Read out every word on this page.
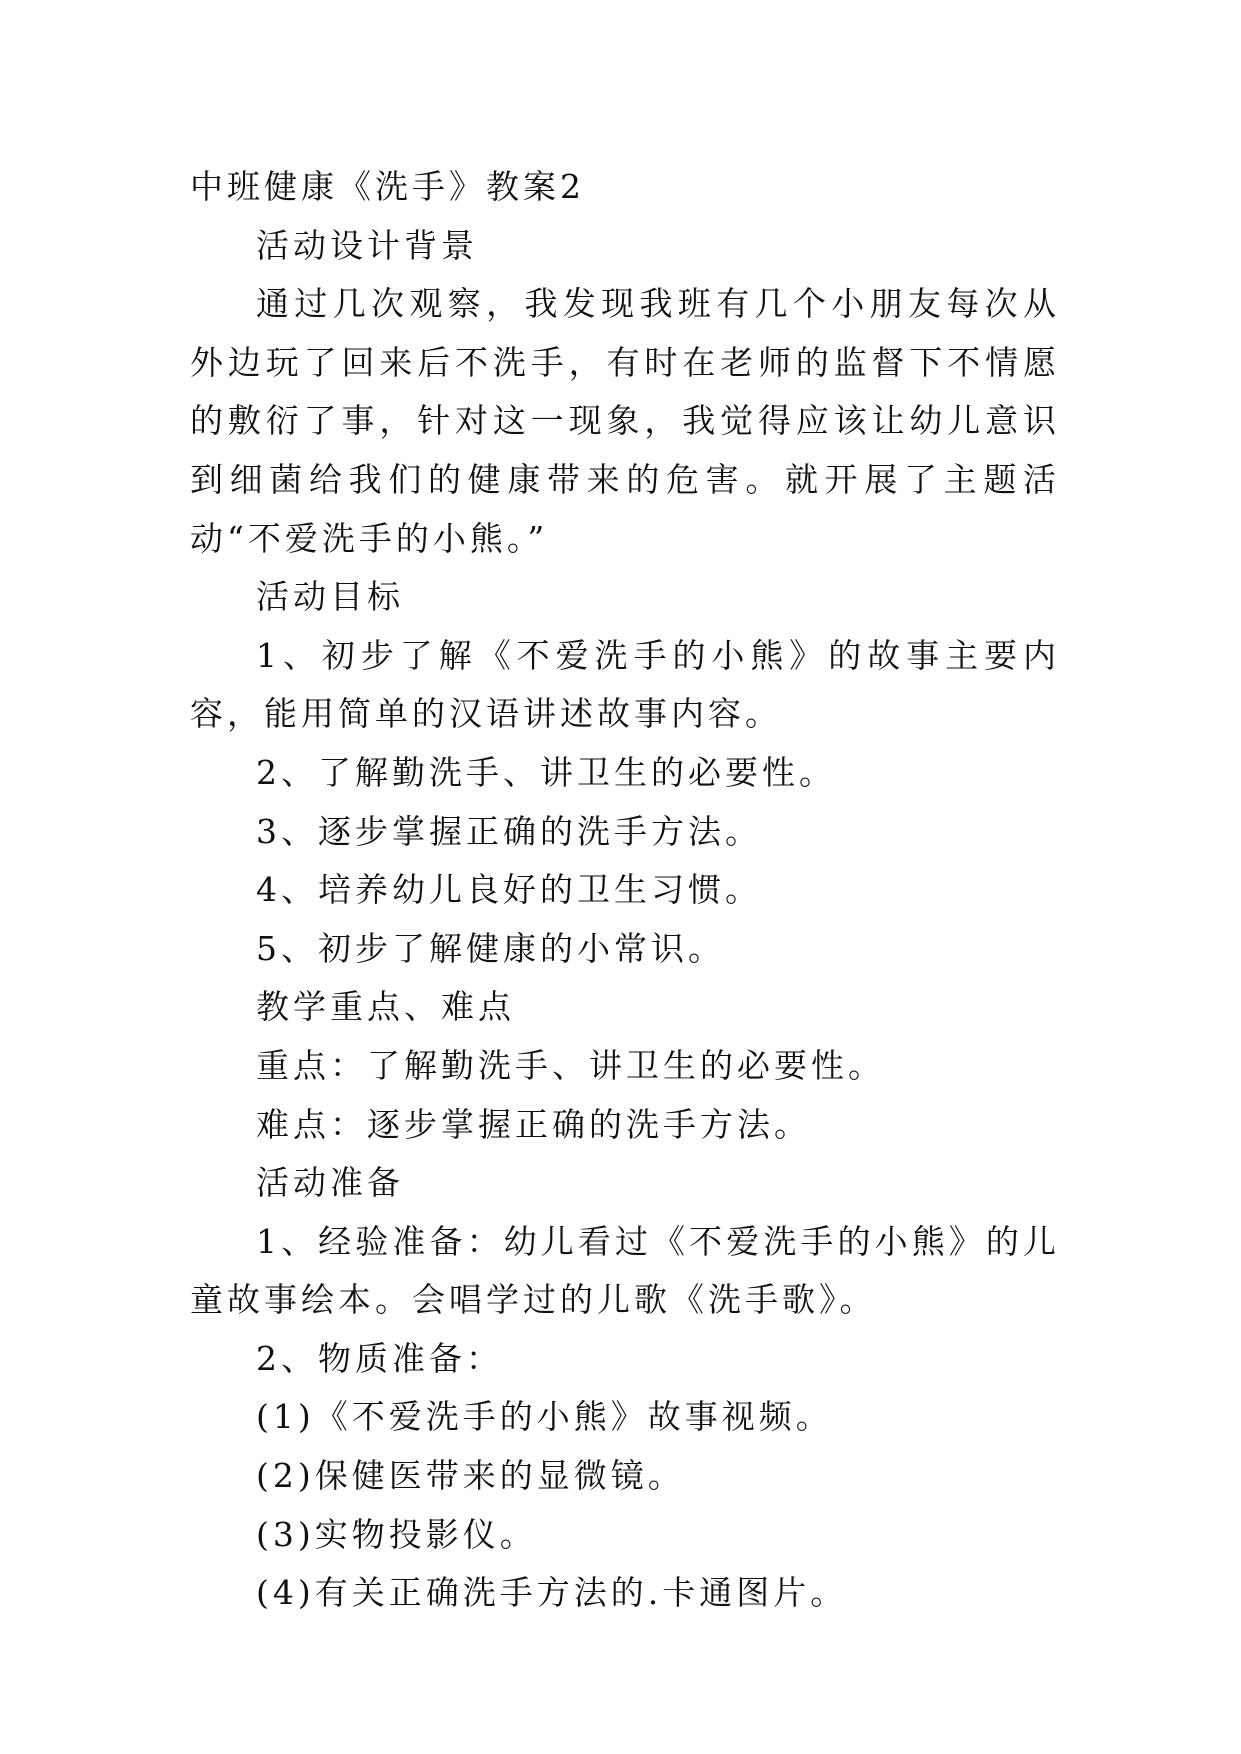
中班健康《洗手》教案2
活动设计背景
通过几次观察，我发现我班有几个小朋友每次从外边玩了回来后不洗手，有时在老师的监督下不情愿的敷衍了事，针对这一现象，我觉得应该让幼儿意识到细菌给我们的健康带来的危害。就开展了主题活动“不爱洗手的小熊。”
活动目标
1、初步了解《不爱洗手的小熊》的故事主要内容，能用简单的汉语讲述故事内容。
2、了解勤洗手、讲卫生的必要性。
3、逐步掌握正确的洗手方法。
4、培养幼儿良好的卫生习惯。
5、初步了解健康的小常识。
教学重点、难点
重点：了解勤洗手、讲卫生的必要性。
难点：逐步掌握正确的洗手方法。
活动准备
1、经验准备：幼儿看过《不爱洗手的小熊》的儿童故事绘本。会唱学过的儿歌《洗手歌》。
2、物质准备：
(1)《不爱洗手的小熊》故事视频。
(2)保健医带来的显微镜。
(3)实物投影仪。
(4)有关正确洗手方法的.卡通图片。
